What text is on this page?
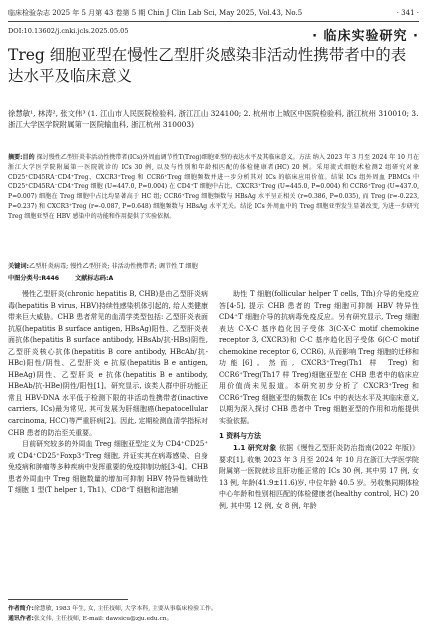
临床检验杂志 2025 年 5 月第 43 卷第 5 期 Chin J Clin Lab Sci, May 2025, Vol.43, No.5	· 341 ·
DOI:10.13602/j.cnki.jcls.2025.05.05	· 临床实验研究 ·
Treg 细胞亚型在慢性乙型肝炎感染非活动性携带者中的表达水平及临床意义
徐慧敏¹, 林涛², 张文伟³ (1. 江山市人民医院检验科, 浙江江山 324100; 2. 杭州市上城区中医院检验科, 浙江杭州 310010; 3. 浙江大学医学院附属第一医院输血科, 浙江杭州 310003)
摘要:目的 探讨慢性乙型肝炎非活动性携带者(ICs)外周血调节性T(Treg)细胞亚型的表达水平及其临床意义。方法 纳入 2023 年 3 月至 2024 年 10 月在浙江大学医学院附属第一医院就诊的 ICs 30 例, 以及与性别和年龄相匹配的体检健康者(HC) 20 例。采用流式细胞术检测2 组研究对象 CD25⁺CD45RA⁻CD4⁺Treg、CXCR3⁺Treg 和 CCR6⁺Treg 细胞频数并进一步分析其对 ICs 的临床应用价值。结果 ICs 组外周血 PBMCs 中 CD25⁺CD45RA⁻CD4⁺Treg 细胞 (U=447.0, P=0.004) 在 CD4⁺T 细胞中占比、CXCR3⁺Treg (U=445.0, P=0.004) 和 CCR6⁺Treg (U=437.0, P=0.007) 细胞在 Treg 细胞中占比均显著高于 HC 组; CCR6⁺Treg 细胞频数与 HBsAg 水平呈正相关 (r=0.386, P=0.035), 而 Treg (r=-0.223, P=0.237) 和 CXCR3⁺Treg (r=-0.087, P=0.648) 细胞频数与 HBsAg 水平无关。结论 ICs 外周血中的 Treg 细胞亚型发生显著改变, 为进一步研究 Treg 细胞亚型在 HBV 感染中的功能和作用提供了实验依据。
关键词:乙型肝炎病毒; 慢性乙型肝炎; 非活动性携带者; 调节性 T 细胞
中图分类号:R446	文献标志码:A

慢性乙型肝炎(chronic hepatitis B, CHB)是由乙型肝炎病毒(hepatitis B virus, HBV)持续性感染机体引起的, 给人类健康带来巨大威胁。CHB 患者常见的血清学类型包括: 乙型肝炎表面抗原(hepatitis B surface antigen, HBsAg)阳性、乙型肝炎表面抗体(hepatitis B surface antibody, HBsAb/抗-HBs)阴性, 乙型肝炎核心抗体(hepatitis B core antibody, HBcAb/抗-HBc)阳性/阴性、乙型肝炎 e 抗原(hepatitis B e antigen, HBeAg)阴性、乙型肝炎 e 抗体(hepatitis B e antibody, HBeAb/抗-HBe)阴性/阳性[1]。研究显示, 该类人群中肝功能正常且 HBV-DNA 水平低于检测下限的非活动性携带者(inactive carriers, ICs)最为常见, 其可发展为肝细胞癌(hepatocellular carcinoma, HCC)等严重肝病[2]。因此, 定期检测血清学指标对 CHB 患者的防治至关重要。

目前研究较多的外周血 Treg 细胞亚型定义为 CD4⁺CD25⁺或 CD4⁺CD25⁺Foxp3⁺Treg 细胞, 并证实其在病毒感染、自身免疫病和肿瘤等多种疾病中发挥重要的免疫抑制功能[3-4]。CHB 患者外周血中 Treg 细胞数量的增加可抑制 HBV 特异性辅助性 T 细胞 1 型(T helper 1, Th1)、CD8⁺T 细胞和滤泡辅

助性 T 细胞(follicular helper T cells, Tfh)介导的免疫应答[4-5], 提示 CHB 患者的 Treg 细胞可抑制 HBV 特异性 CD4⁺T 细胞介导的抗病毒免疫反应。另有研究显示, Treg 细胞表达 C-X-C 基序趋化因子受体 3(C-X-C motif chemokine receptor 3, CXCR3)和 C-C 基序趋化因子受体 6(C-C motif chemokine receptor 6, CCR6), 从而影响 Treg 细胞的迁移和功能[6]。然而, CXCR3⁺Treg(Th1 样 Treg)和 CCR6⁺Treg(Th17 样 Treg)细胞亚型在 CHB 患者中的临床应用价值尚未见报道。本研究初步分析了 CXCR3⁺Treg 和 CCR6⁺Treg 细胞亚型的频数在 ICs 中的表达水平及其临床意义, 以期为深入探讨 CHB 患者中 Treg 细胞亚型的作用和功能提供实验依据。

1 资料与方法

1.1 研究对象 依据《慢性乙型肝炎防治指南(2022 年版)》要求[1], 收集 2023 年 3 月至 2024 年 10 月在浙江大学医学院附属第一医院就诊且肝功能正常的 ICs 30 例, 其中男 17 例, 女 13 例, 年龄(41.9±11.6)岁, 中位年龄 40.5 岁。另收集同期体检中心年龄和性别相匹配的体检健康者(healthy control, HC) 20 例, 其中男 12 例, 女 8 例, 年龄

作者简介:徐慧敏, 1983 年生, 女, 主任技师, 大学本科, 主要从事临床检验工作。
通讯作者:张文伟, 主任技师, E-mail: dawsicu@zju.edu.cn。
